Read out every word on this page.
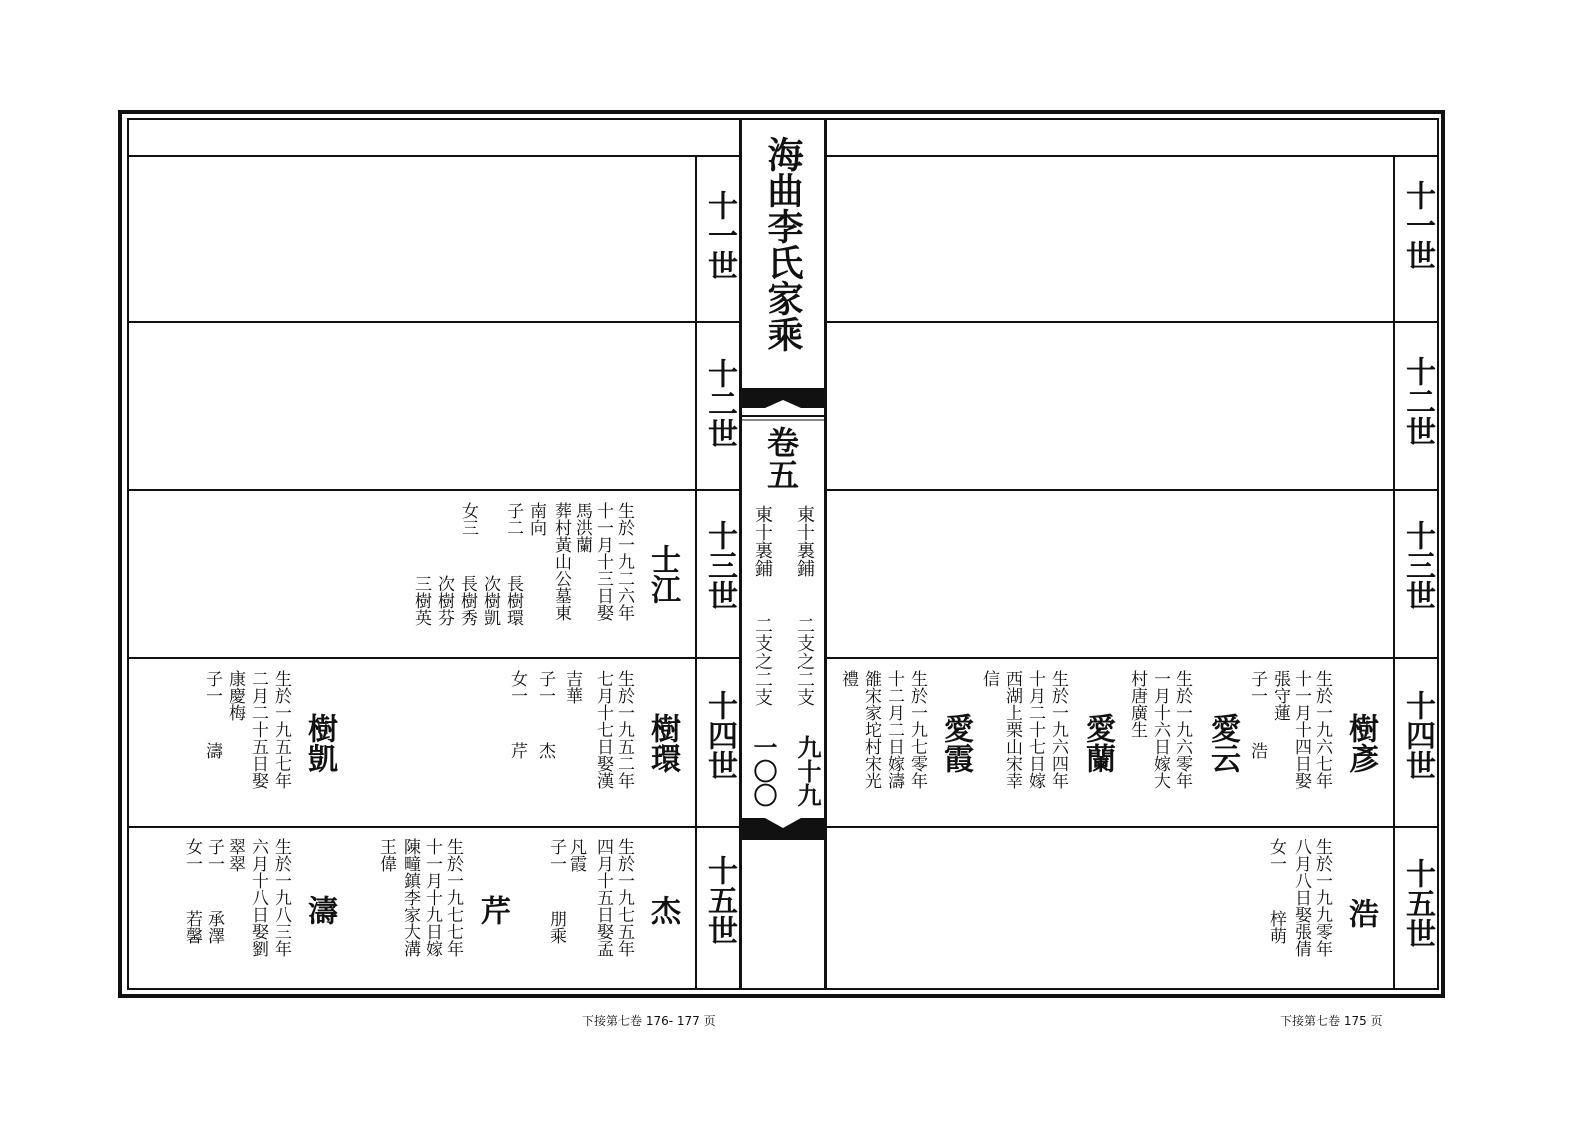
海曲李氏家乘
卷五
東十裏鋪
二支之二支
東十裏鋪
二支之二支
九十九
一〇〇
十一世
十二世
十三世
十四世
十五世
十一世
十二世
十三世
十四世
十五世
士江
生於一九二六年
十一月十三日娶
馬洪蘭
葬村黃山公墓東
南向
子二
長樹環
次樹凱
長樹秀
次樹芬
三樹英
女三
樹環
生於一九五二年
七月十七日娶漢
吉華
子一
杰
女一
芹
樹凱
生於一九五七年
二月二十五日娶
康慶梅
子一
濤
杰
生於一九七五年
四月十五日娶孟
凡霞
子一
朋乘
芹
生於一九七七年
十一月十九日嫁
陳疃鎮李家大溝
王偉
濤
生於一九八三年
六月十八日娶劉
翠翠
子一
承澤
女一
若馨
樹彥
生於一九六七年
十一月十四日娶
張守蓮
子一
浩
愛云
生於一九六零年
一月十六日嫁大
村唐廣生
愛蘭
生於一九六四年
十月二十七日嫁
西湖上栗山宋幸
信
愛霞
生於一九七零年
十二月二日嫁濤
雒宋家坨村宋光
禮
浩
生於一九九零年
八月八日娶張倩
女一
梓萌
下接第七卷 176- 177 页	下接第七卷 175 页
